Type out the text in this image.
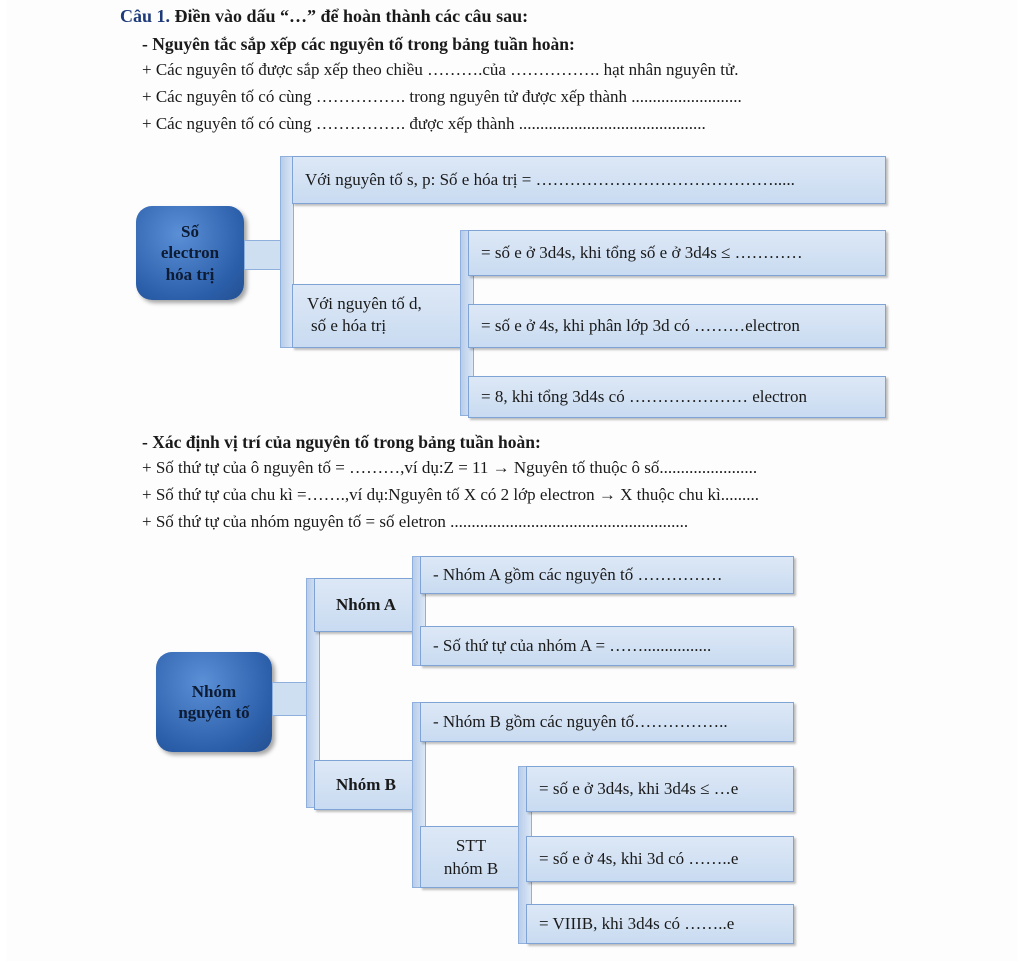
Câu 1. Điền vào dấu “…” để hoàn thành các câu sau:
- Nguyên tắc sắp xếp các nguyên tố trong bảng tuần hoàn:
+ Các nguyên tố được sắp xếp theo chiều ……….của ……………. hạt nhân nguyên tử.
+ Các nguyên tố có cùng ……………. trong nguyên tử được xếp thành ..........................
+ Các nguyên tố có cùng ……………. được xếp thành ............................................
Số
electron
hóa trị
Với nguyên tố s, p: Số e hóa trị = …………………………………….....
Với nguyên tố d,
số e hóa trị
= số e ở 3d4s, khi tổng số e ở 3d4s ≤ …………
= số e ở 4s, khi phân lớp 3d có ………electron
= 8, khi tổng 3d4s có ………………… electron
- Xác định vị trí của nguyên tố trong bảng tuần hoàn:
+ Số thứ tự của ô nguyên tố = ………,ví dụ:Z = 11 → Nguyên tố thuộc ô số.......................
+ Số thứ tự của chu kì =…….,ví dụ:Nguyên tố X có 2 lớp electron → X thuộc chu kì.........
+ Số thứ tự của nhóm nguyên tố = số eletron ........................................................
Nhóm
nguyên tố
Nhóm A
- Nhóm A gồm các nguyên tố ……………
- Số thứ tự của nhóm A = ……................
Nhóm B
- Nhóm B gồm các nguyên tố……………..
STT
nhóm B
= số e ở 3d4s, khi 3d4s ≤ …e
= số e ở 4s, khi 3d có ……..e
= VIIIB, khi 3d4s có ……..e
